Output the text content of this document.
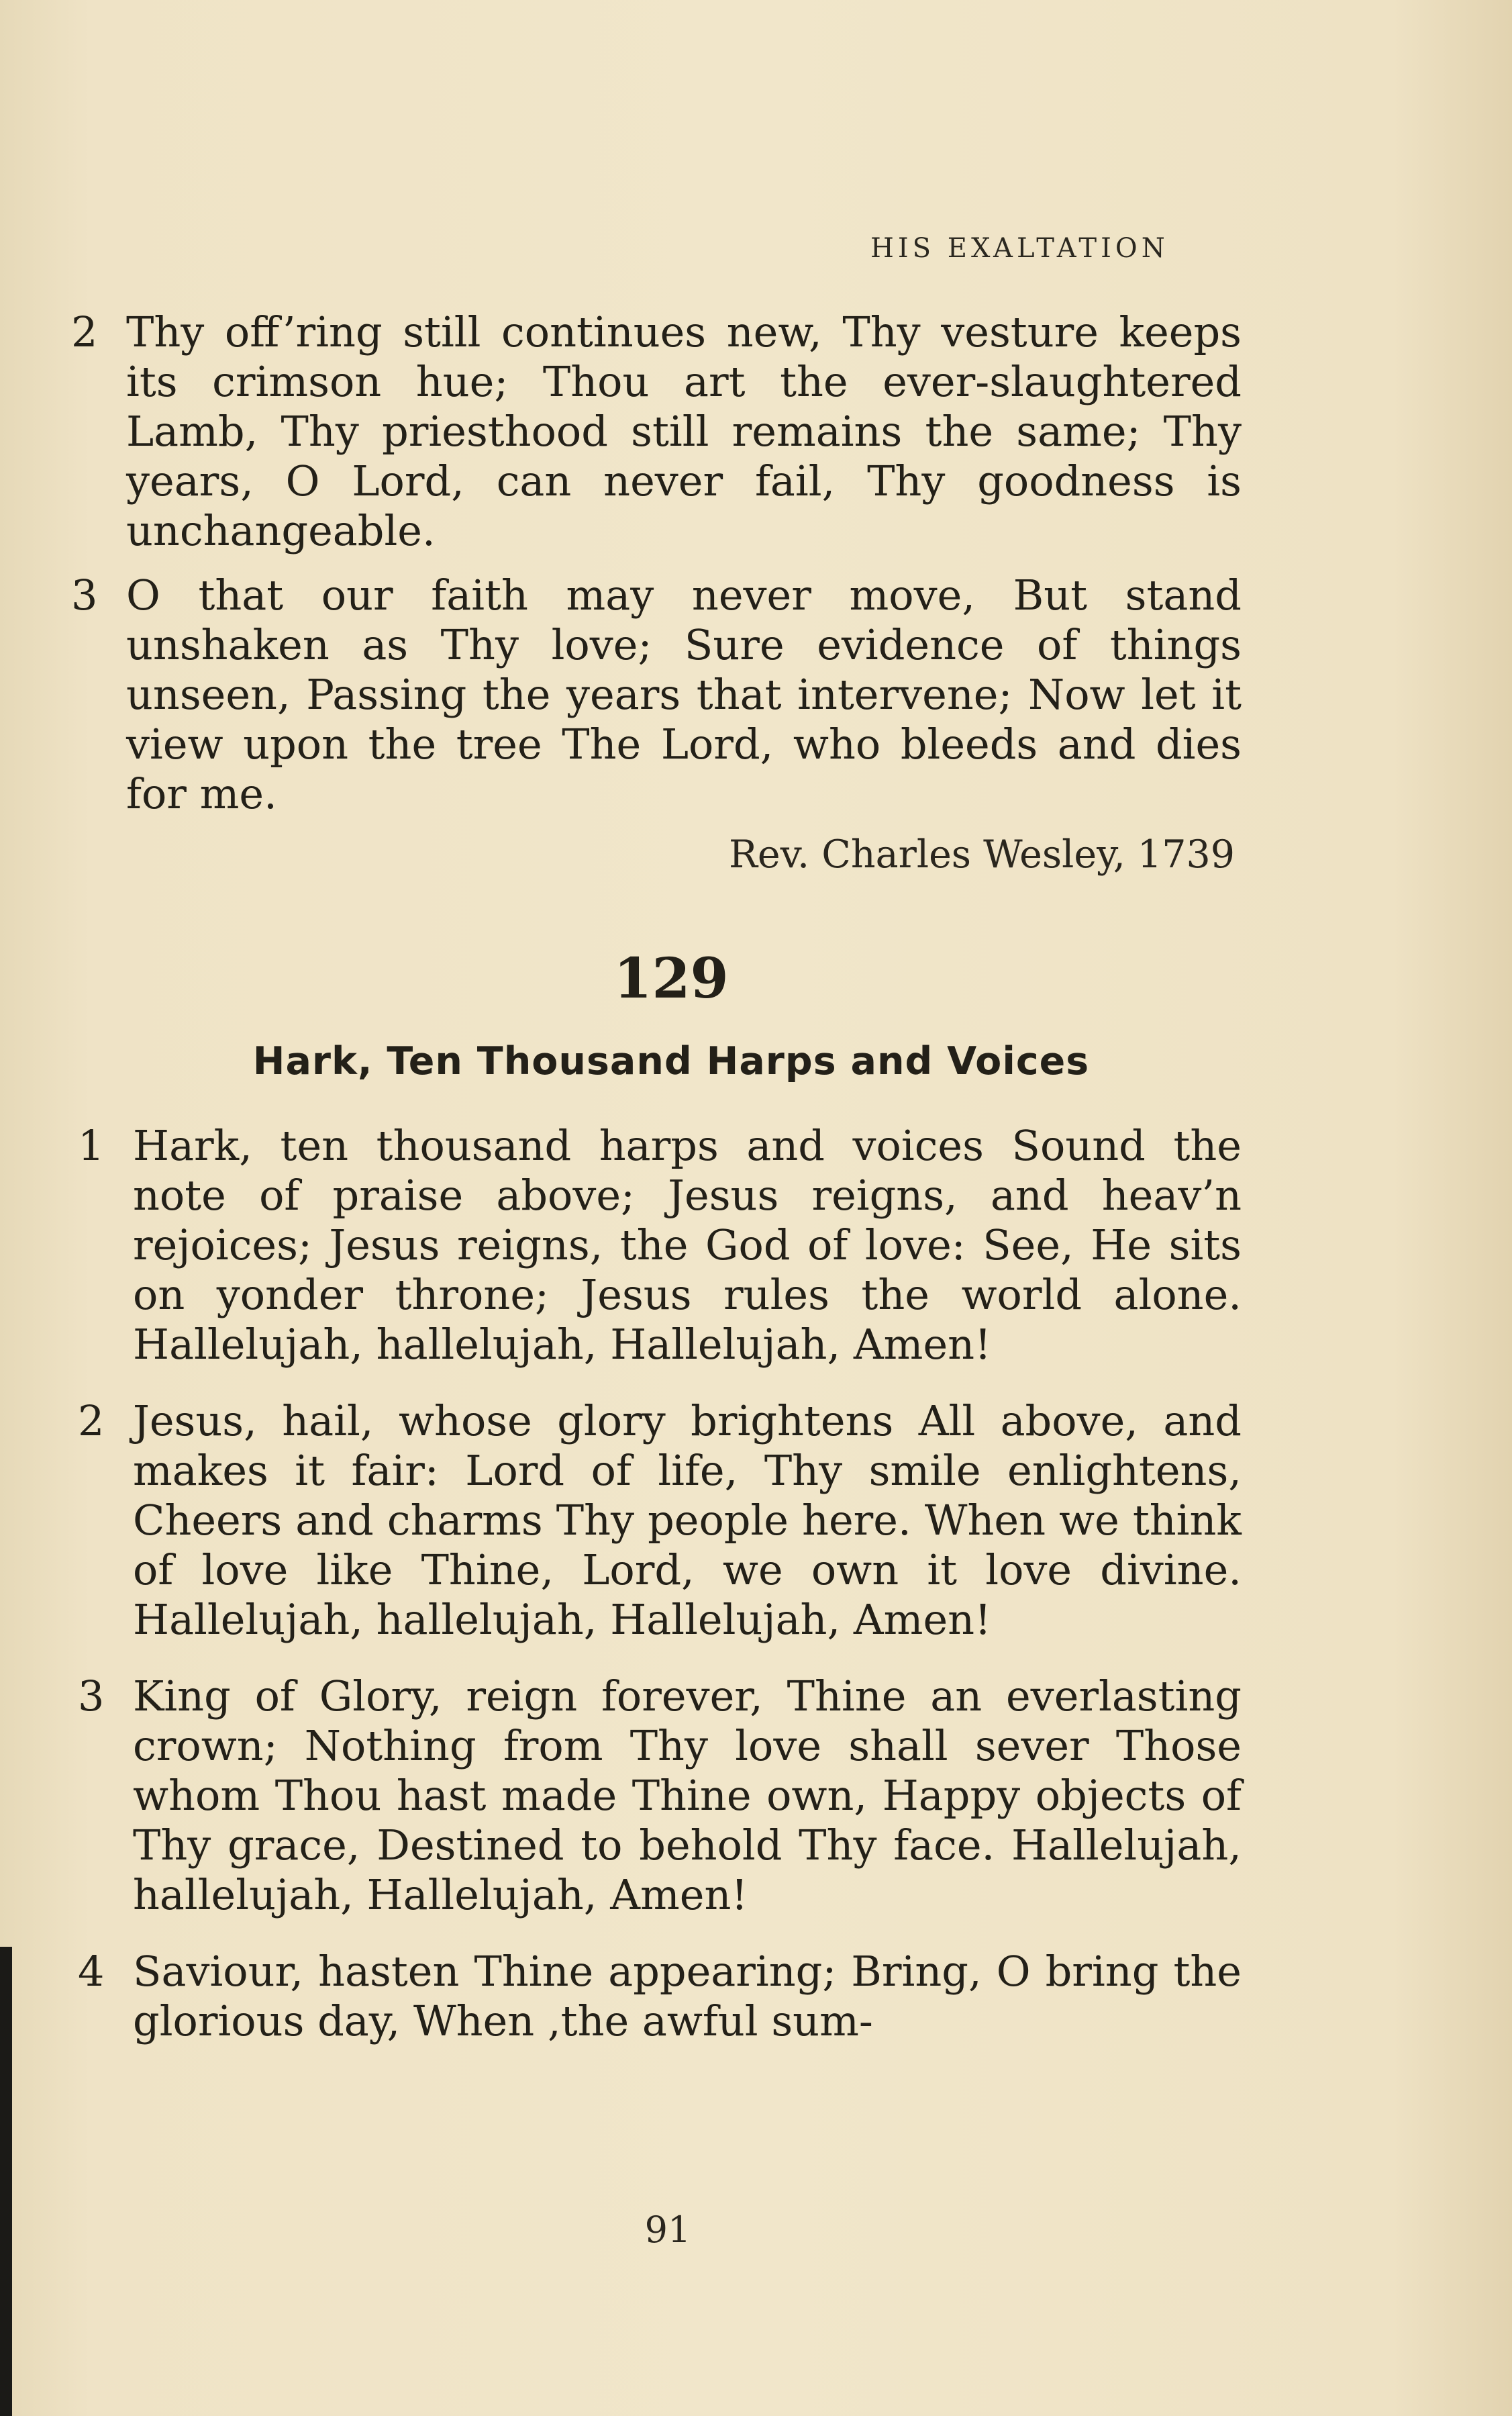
HIS EXALTATION
2 Thy off’ring still continues new, Thy vesture keeps its crimson hue; Thou art the ever-slaughtered Lamb, Thy priesthood still remains the same; Thy years, O Lord, can never fail, Thy goodness is unchangeable.
3 O that our faith may never move, But stand unshaken as Thy love; Sure evidence of things unseen, Passing the years that intervene; Now let it view upon the tree The Lord, who bleeds and dies for me.
Rev. Charles Wesley, 1739
129
Hark, Ten Thousand Harps and Voices
1 Hark, ten thousand harps and voices Sound the note of praise above; Jesus reigns, and heav’n rejoices; Jesus reigns, the God of love: See, He sits on yonder throne; Jesus rules the world alone. Hallelujah, hallelujah, Hallelujah, Amen!
2 Jesus, hail, whose glory brightens All above, and makes it fair: Lord of life, Thy smile enlightens, Cheers and charms Thy people here. When we think of love like Thine, Lord, we own it love divine. Hallelujah, hallelujah, Hallelujah, Amen!
3 King of Glory, reign forever, Thine an everlasting crown; Nothing from Thy love shall sever Those whom Thou hast made Thine own, Happy objects of Thy grace, Destined to behold Thy face. Hallelujah, hallelujah, Hallelujah, Amen!
4 Saviour, hasten Thine appearing; Bring, O bring the glorious day, When ,the awful sum-
91
